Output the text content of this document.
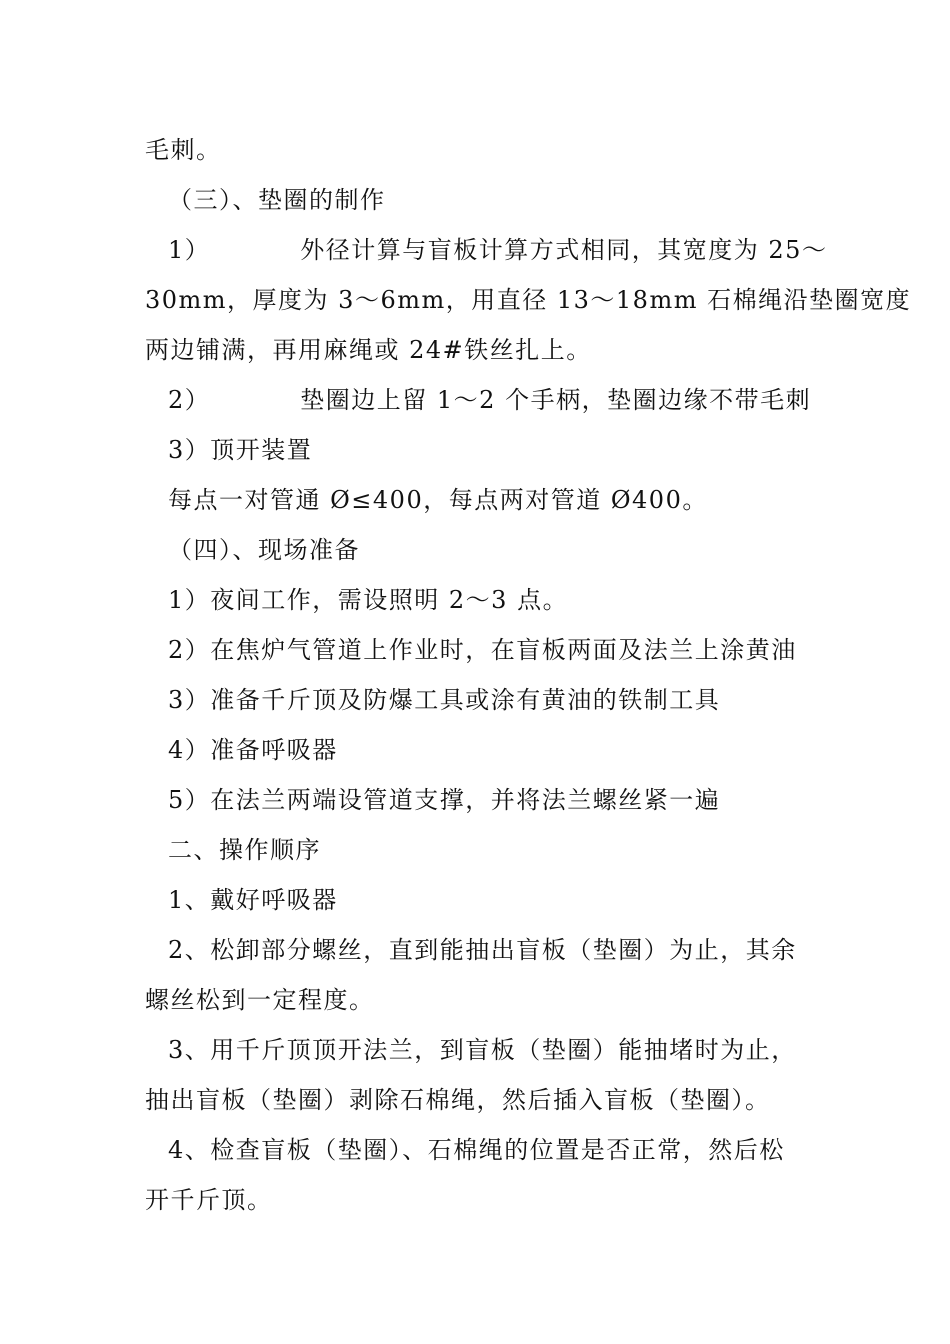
毛刺。
（三）、垫圈的制作
1）	外径计算与盲板计算方式相同，其宽度为 25～
30mm，厚度为 3～6mm，用直径 13～18mm 石棉绳沿垫圈宽度
两边铺满，再用麻绳或 24#铁丝扎上。
2）	垫圈边上留 1～2 个手柄，垫圈边缘不带毛刺
3）顶开装置
每点一对管通 Ø≤400，每点两对管道 Ø400。
（四）、现场准备
1）夜间工作，需设照明 2～3 点。
2）在焦炉气管道上作业时，在盲板两面及法兰上涂黄油
3）准备千斤顶及防爆工具或涂有黄油的铁制工具
4）准备呼吸器
5）在法兰两端设管道支撑，并将法兰螺丝紧一遍
二、操作顺序
1、戴好呼吸器
2、松卸部分螺丝，直到能抽出盲板（垫圈）为止，其余
螺丝松到一定程度。
3、用千斤顶顶开法兰，到盲板（垫圈）能抽堵时为止，
抽出盲板（垫圈）剥除石棉绳，然后插入盲板（垫圈）。
4、检查盲板（垫圈）、石棉绳的位置是否正常，然后松
开千斤顶。
